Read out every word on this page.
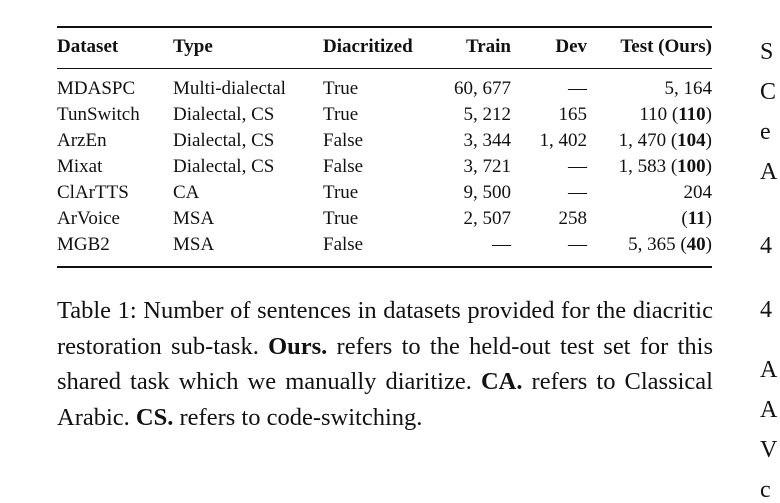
Dataset	Type	Diacritized	Train	Dev	Test (Ours)
MDASPC	Multi-dialectal	True	60, 677	—	5, 164
TunSwitch	Dialectal, CS	True	5, 212	165	110 (110)
ArzEn	Dialectal, CS	False	3, 344	1, 402	1, 470 (104)
Mixat	Dialectal, CS	False	3, 721	—	1, 583 (100)
ClArTTS	CA	True	9, 500	—	204
ArVoice	MSA	True	2, 507	258	(11)
MGB2	MSA	False	—	—	5, 365 (40)
Table 1: Number of sentences in datasets provided for the diacritic restoration sub-task. Ours. refers to the held-out test set for this shared task which we manually diaritize. CA. refers to Classical Arabic. CS. refers to code-switching.
S
C
e
A
4
4
A
A
V
c
